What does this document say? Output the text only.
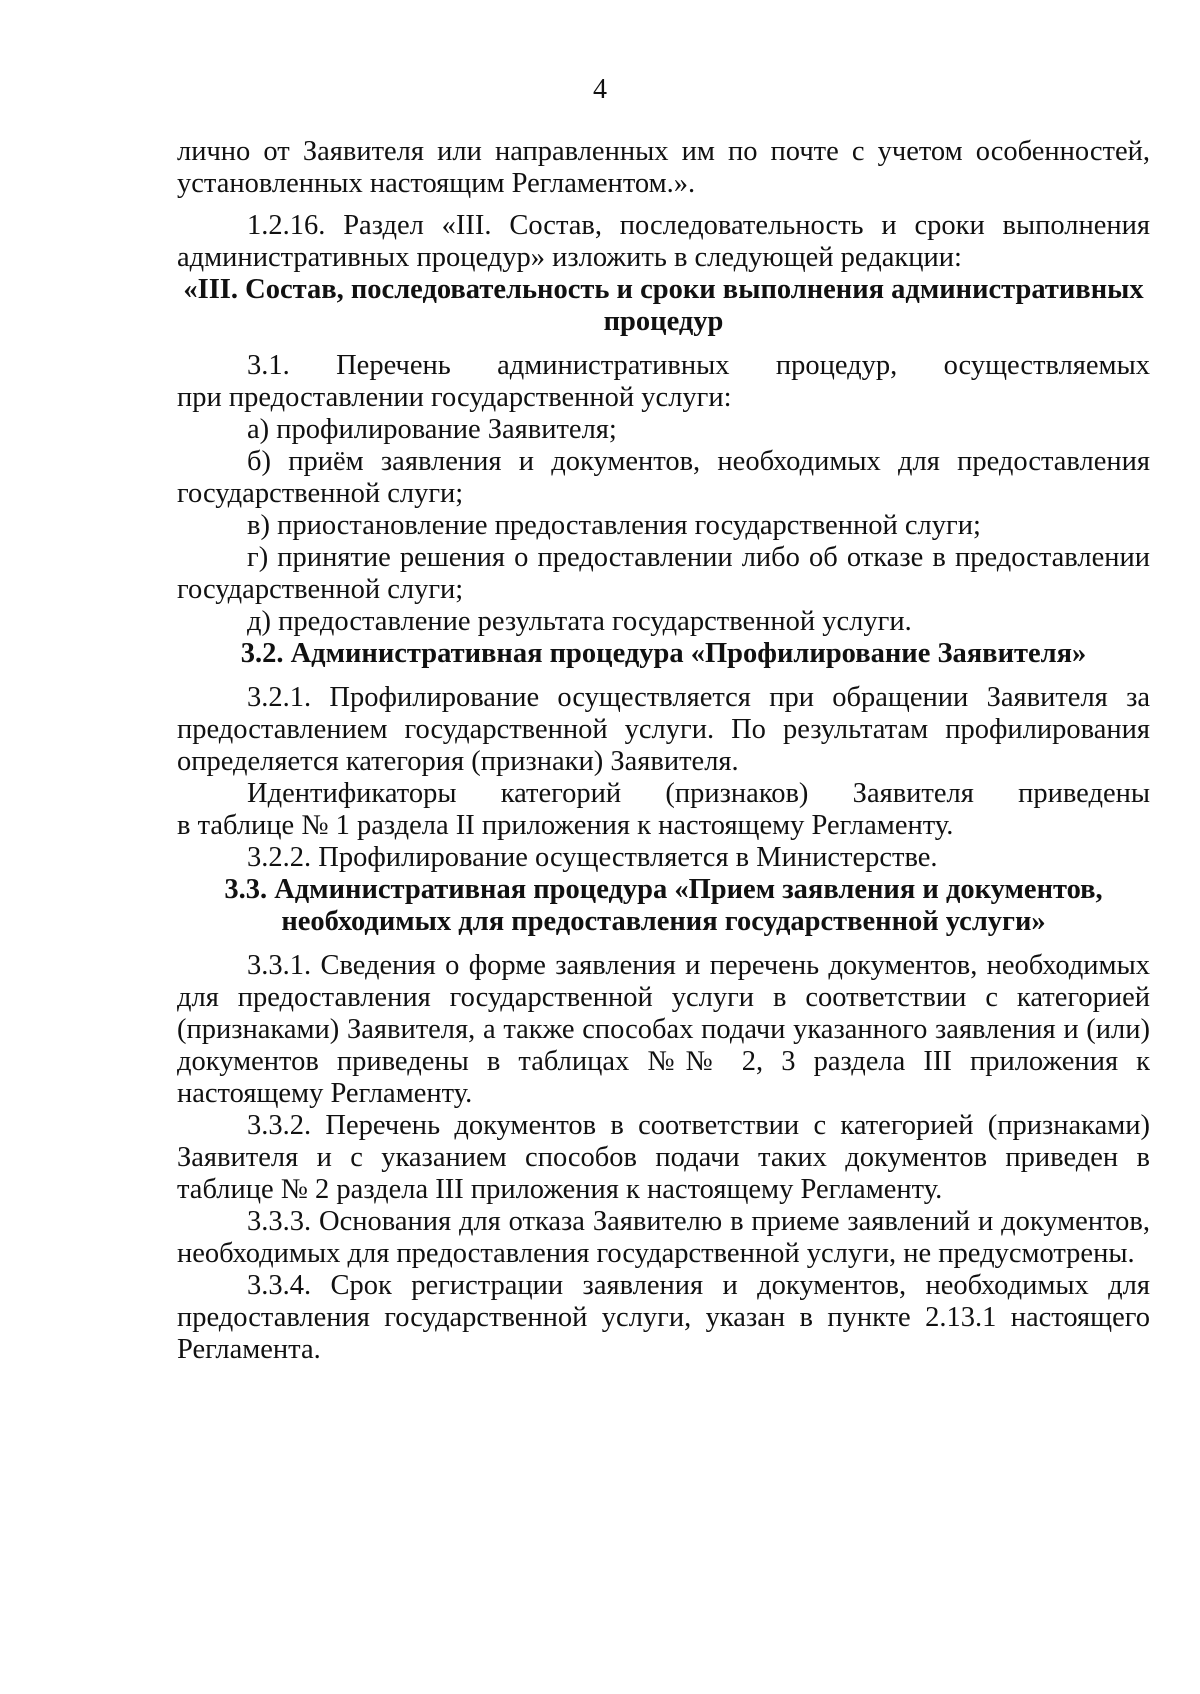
4

лично от Заявителя или направленных им по почте с учетом особенностей, установленных настоящим Регламентом.».

1.2.16. Раздел «III. Состав, последовательность и сроки выполнения административных процедур» изложить в следующей редакции:

«III. Состав, последовательность и сроки выполнения административных процедур

3.1. Перечень административных процедур, осуществляемых

при предоставлении государственной услуги:

а) профилирование Заявителя;

б) приём заявления и документов, необходимых для предоставления государственной слуги;

в) приостановление предоставления государственной слуги;

г) принятие решения о предоставлении либо об отказе в предоставлении государственной слуги;

д) предоставление результата государственной услуги.

3.2. Административная процедура «Профилирование Заявителя»

3.2.1. Профилирование осуществляется при обращении Заявителя за предоставлением государственной услуги. По результатам профилирования определяется категория (признаки) Заявителя.

Идентификаторы категорий (признаков) Заявителя приведены

в таблице № 1 раздела II приложения к настоящему Регламенту.

3.2.2. Профилирование осуществляется в Министерстве.

3.3. Административная процедура «Прием заявления и документов, необходимых для предоставления государственной услуги»

3.3.1. Сведения о форме заявления и перечень документов, необходимых для предоставления государственной услуги в соответствии с категорией (признаками) Заявителя, а также способах подачи указанного заявления и (или) документов приведены в таблицах №№ 2, 3 раздела III приложения к настоящему Регламенту.

3.3.2. Перечень документов в соответствии с категорией (признаками) Заявителя и с указанием способов подачи таких документов приведен в таблице № 2 раздела III приложения к настоящему Регламенту.

3.3.3. Основания для отказа Заявителю в приеме заявлений и документов, необходимых для предоставления государственной услуги, не предусмотрены.

3.3.4. Срок регистрации заявления и документов, необходимых для предоставления государственной услуги, указан в пункте 2.13.1 настоящего Регламента.
